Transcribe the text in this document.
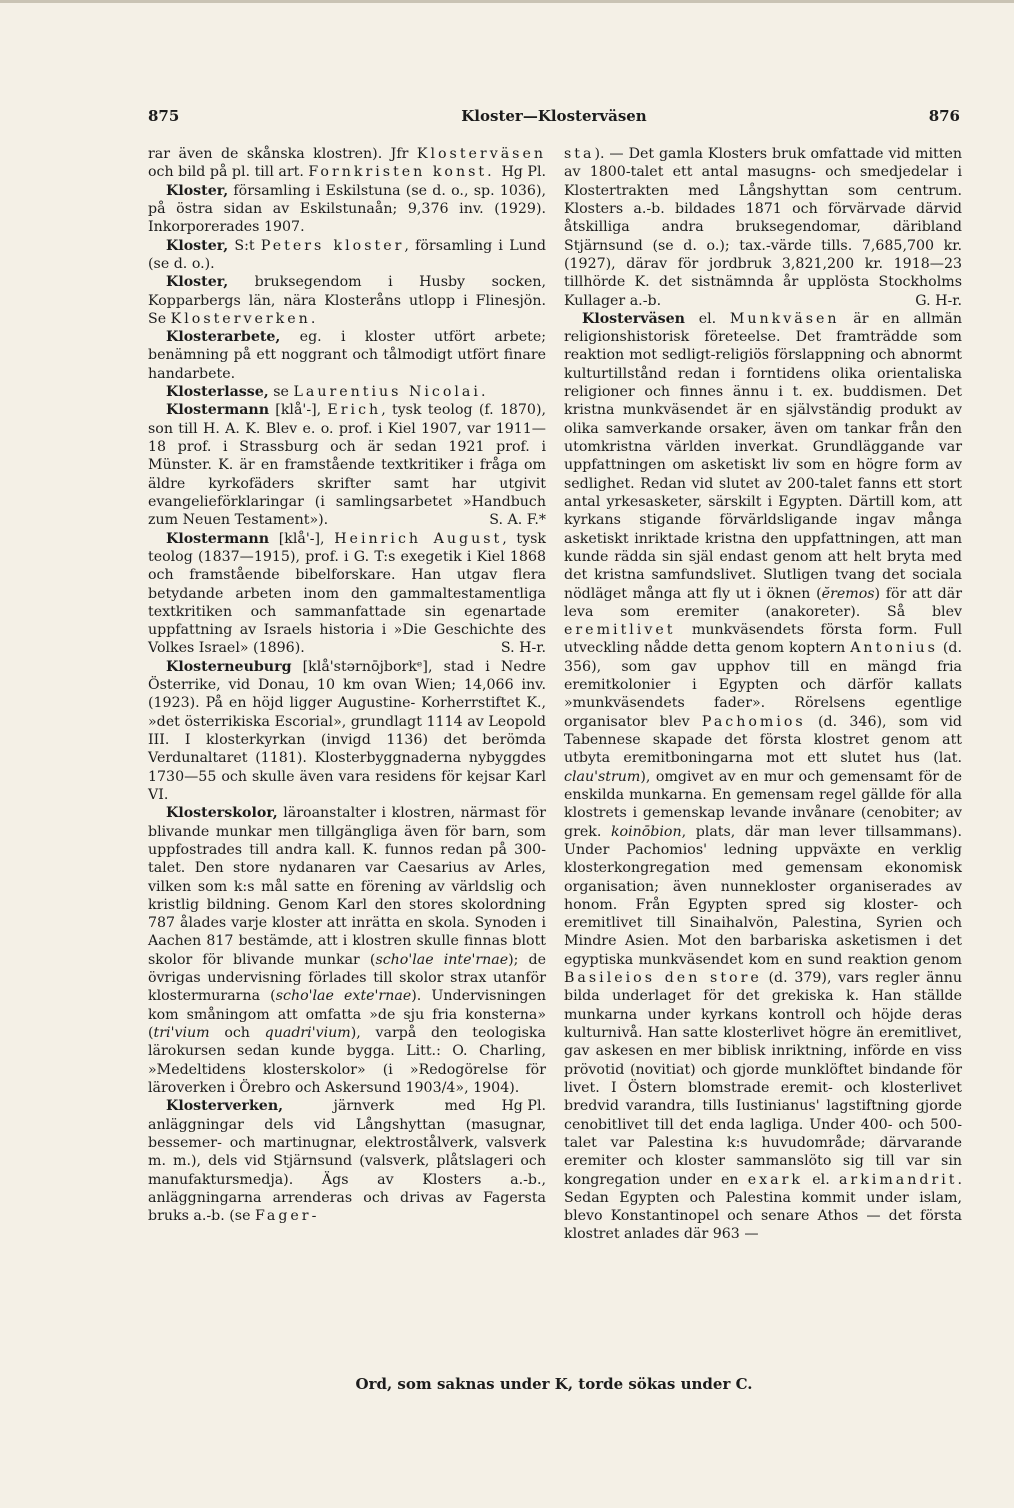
875	Kloster—Klosterväsen	876

rar även de skånska klostren). Jfr Klosterväsen och bild på pl. till art. Fornkristen konst. Hg Pl.

Kloster, församling i Eskilstuna (se d. o., sp. 1036), på östra sidan av Eskilstunaån; 9,376 inv. (1929). Inkorporerades 1907.

Kloster, S:t Peters kloster, församling i Lund (se d. o.).

Kloster, bruksegendom i Husby socken, Kopparbergs län, nära Klosteråns utlopp i Flinesjön. Se Klosterverken.

Klosterarbete, eg. i kloster utfört arbete; benämning på ett noggrant och tålmodigt utfört finare handarbete.

Klosterlasse, se Laurentius Nicolai.

Klostermann [klå'-], Erich, tysk teolog (f. 1870), son till H. A. K. Blev e. o. prof. i Kiel 1907, var 1911—18 prof. i Strassburg och är sedan 1921 prof. i Münster. K. är en framstående textkritiker i fråga om äldre kyrkofäders skrifter samt har utgivit evangelieförklaringar (i samlingsarbetet »Handbuch zum Neuen Testament»).	S. A. F.*

Klostermann [klå'-], Heinrich August, tysk teolog (1837—1915), prof. i G. T:s exegetik i Kiel 1868 och framstående bibelforskare. Han utgav flera betydande arbeten inom den gammaltestamentliga textkritiken och sammanfattade sin egenartade uppfattning av Israels historia i »Die Geschichte des Volkes Israel» (1896).	S. H-r.

Klosterneuburg [klå'stərnōjborkᵉ], stad i Nedre Österrike, vid Donau, 10 km ovan Wien; 14,066 inv. (1923). På en höjd ligger Augustine- Korherrstiftet K., »det österrikiska Escorial», grundlagt 1114 av Leopold III. I klosterkyrkan (invigd 1136) det berömda Verdunaltaret (1181). Klosterbyggnaderna nybyggdes 1730—55 och skulle även vara residens för kejsar Karl VI.

Klosterskolor, läroanstalter i klostren, närmast för blivande munkar men tillgängliga även för barn, som uppfostrades till andra kall. K. funnos redan på 300-talet. Den store nydanaren var Caesarius av Arles, vilken som k:s mål satte en förening av världslig och kristlig bildning. Genom Karl den stores skolordning 787 ålades varje kloster att inrätta en skola. Synoden i Aachen 817 bestämde, att i klostren skulle finnas blott skolor för blivande munkar (scho'lae inte'rnae); de övrigas undervisning förlades till skolor strax utanför klostermurarna (scho'lae exte'rnae). Undervisningen kom småningom att omfatta »de sju fria konsterna» (tri'vium och quadri'vium), varpå den teologiska lärokursen sedan kunde bygga. Litt.: O. Charling, »Medeltidens klosterskolor» (i »Redogörelse för läroverken i Örebro och Askersund 1903/4», 1904).
Hg Pl.

Klosterverken, järnverk med anläggningar dels vid Långshyttan (masugnar, bessemer- och martinugnar, elektrostålverk, valsverk m. m.), dels vid Stjärnsund (valsverk, plåtslageri och manufaktursmedja). Ägs av Klosters a.-b., anläggningarna arrenderas och drivas av Fagersta bruks a.-b. (se Fager-

sta). — Det gamla Klosters bruk omfattade vid mitten av 1800-talet ett antal masugns- och smedjedelar i Klostertrakten med Långshyttan som centrum. Klosters a.-b. bildades 1871 och förvärvade därvid åtskilliga andra bruksegendomar, däribland Stjärnsund (se d. o.); tax.-värde tills. 7,685,700 kr. (1927), därav för jordbruk 3,821,200 kr. 1918—23 tillhörde K. det sistnämnda år upplösta Stockholms Kullager a.-b.	G. H-r.

Klosterväsen el. Munkväsen är en allmän religionshistorisk företeelse. Det framträdde som reaktion mot sedligt-religiös förslappning och abnormt kulturtillstånd redan i forntidens olika orientaliska religioner och finnes ännu i t. ex. buddismen. Det kristna munkväsendet är en självständig produkt av olika samverkande orsaker, även om tankar från den utomkristna världen inverkat. Grundläggande var uppfattningen om asketiskt liv som en högre form av sedlighet. Redan vid slutet av 200-talet fanns ett stort antal yrkesasketer, särskilt i Egypten. Därtill kom, att kyrkans stigande förvärldsligande ingav många asketiskt inriktade kristna den uppfattningen, att man kunde rädda sin själ endast genom att helt bryta med det kristna samfundslivet. Slutligen tvang det sociala nödläget många att fly ut i öknen (ĕremos) för att där leva som eremiter (anakoreter). Så blev eremitlivet munkväsendets första form. Full utveckling nådde detta genom koptern Antonius (d. 356), som gav upphov till en mängd fria eremitkolonier i Egypten och därför kallats »munkväsendets fader». Rörelsens egentlige organisator blev Pachomios (d. 346), som vid Tabennese skapade det första klostret genom att utbyta eremitboningarna mot ett slutet hus (lat. clau'strum), omgivet av en mur och gemensamt för de enskilda munkarna. En gemensam regel gällde för alla klostrets i gemenskap levande invånare (cenobiter; av grek. koinōbion, plats, där man lever tillsammans). Under Pachomios' ledning uppväxte en verklig klosterkongregation med gemensam ekonomisk organisation; även nunnekloster organiserades av honom. Från Egypten spred sig kloster- och eremitlivet till Sinaihalvön, Palestina, Syrien och Mindre Asien. Mot den barbariska asketismen i det egyptiska munkväsendet kom en sund reaktion genom Basileios den store (d. 379), vars regler ännu bilda underlaget för det grekiska k. Han ställde munkarna under kyrkans kontroll och höjde deras kulturnivå. Han satte klosterlivet högre än eremitlivet, gav askesen en mer biblisk inriktning, införde en viss prövotid (novitiat) och gjorde munklöftet bindande för livet. I Östern blomstrade eremit- och klosterlivet bredvid varandra, tills Iustinianus' lagstiftning gjorde cenobitlivet till det enda lagliga. Under 400- och 500-talet var Palestina k:s huvudområde; därvarande eremiter och kloster sammanslöto sig till var sin kongregation under en exark el. arkimandrit. Sedan Egypten och Palestina kommit under islam, blevo Konstantinopel och senare Athos — det första klostret anlades där 963 —

Ord, som saknas under K, torde sökas under C.
